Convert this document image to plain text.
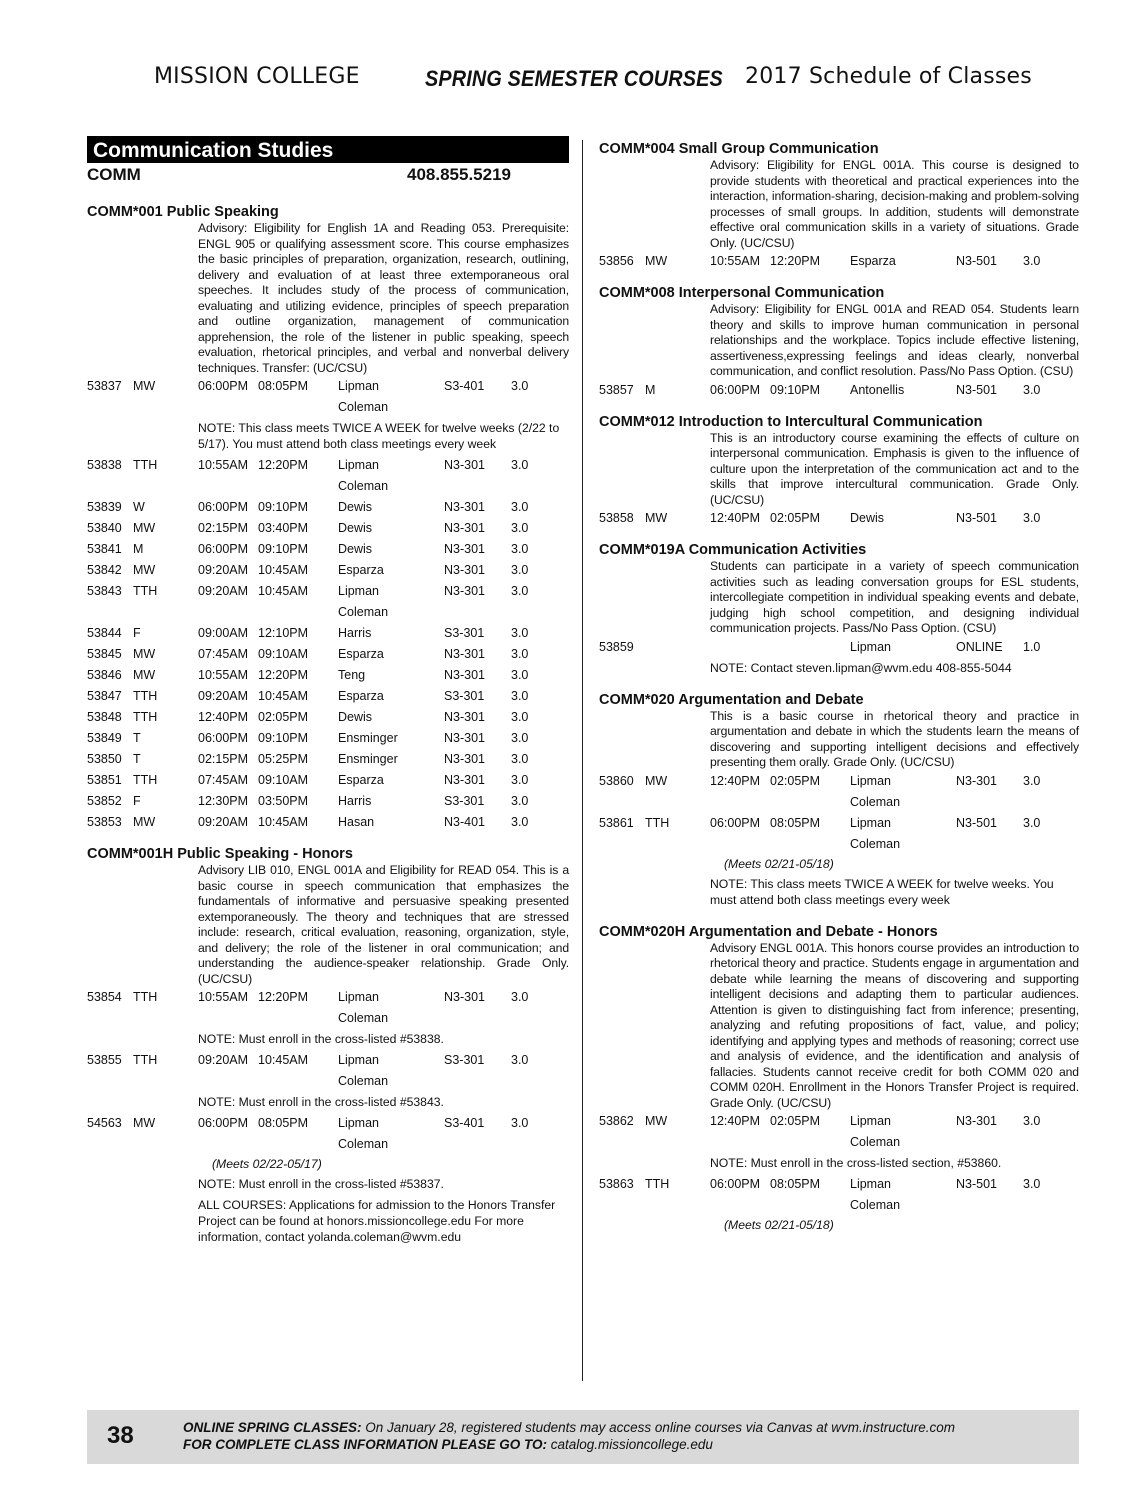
MISSION COLLEGE	SPRING SEMESTER COURSES 2017 Schedule of Classes
Communication Studies
COMM	408.855.5219
COMM*001 Public Speaking
Advisory: Eligibility for English 1A and Reading 053. Prerequisite: ENGL 905 or qualifying assessment score. This course emphasizes the basic principles of preparation, organization, research, outlining, delivery and evaluation of at least three extemporaneous oral speeches. It includes study of the process of communication, evaluating and utilizing evidence, principles of speech preparation and outline organization, management of communication apprehension, the role of the listener in public speaking, speech evaluation, rhetorical principles, and verbal and nonverbal delivery techniques. Transfer: (UC/CSU)
53837 MW	06:00PM 08:05PM Lipman	S3-401 3.0
Coleman
NOTE: This class meets TWICE A WEEK for twelve weeks (2/22 to 5/17). You must attend both class meetings every week
53838 TTH	10:55AM 12:20PM Lipman	N3-301 3.0
Coleman
53839 W	06:00PM 09:10PM Dewis	N3-301 3.0
53840 MW	02:15PM 03:40PM Dewis	N3-301 3.0
53841 M	06:00PM 09:10PM Dewis	N3-301 3.0
53842 MW	09:20AM 10:45AM Esparza	N3-301 3.0
53843 TTH	09:20AM 10:45AM Lipman	N3-301 3.0
Coleman
53844 F	09:00AM 12:10PM Harris	S3-301 3.0
53845 MW	07:45AM 09:10AM Esparza	N3-301 3.0
53846 MW	10:55AM 12:20PM Teng	N3-301 3.0
53847 TTH	09:20AM 10:45AM Esparza	S3-301 3.0
53848 TTH	12:40PM 02:05PM Dewis	N3-301 3.0
53849 T	06:00PM 09:10PM Ensminger	N3-301 3.0
53850 T	02:15PM 05:25PM Ensminger	N3-301 3.0
53851 TTH	07:45AM 09:10AM Esparza	N3-301 3.0
53852 F	12:30PM 03:50PM Harris	S3-301 3.0
53853 MW	09:20AM 10:45AM Hasan	N3-401 3.0
COMM*001H Public Speaking - Honors
Advisory LIB 010, ENGL 001A and Eligibility for READ 054. This is a basic course in speech communication that emphasizes the fundamentals of informative and persuasive speaking presented extemporaneously. The theory and techniques that are stressed include: research, critical evaluation, reasoning, organization, style, and delivery; the role of the listener in oral communication; and understanding the audience-speaker relationship. Grade Only. (UC/CSU)
53854 TTH	10:55AM 12:20PM Lipman	N3-301 3.0
Coleman
NOTE: Must enroll in the cross-listed #53838.
53855 TTH	09:20AM 10:45AM Lipman	S3-301 3.0
Coleman
NOTE: Must enroll in the cross-listed #53843.
54563 MW	06:00PM 08:05PM Lipman	S3-401 3.0
Coleman
(Meets 02/22-05/17)
NOTE: Must enroll in the cross-listed #53837.
ALL COURSES: Applications for admission to the Honors Transfer Project can be found at honors.missioncollege.edu For more information, contact yolanda.coleman@wvm.edu
COMM*004 Small Group Communication
Advisory: Eligibility for ENGL 001A. This course is designed to provide students with theoretical and practical experiences into the interaction, information-sharing, decision-making and problem-solving processes of small groups. In addition, students will demonstrate effective oral communication skills in a variety of situations. Grade Only. (UC/CSU)
53856 MW	10:55AM 12:20PM Esparza	N3-501 3.0
COMM*008 Interpersonal Communication
Advisory: Eligibility for ENGL 001A and READ 054. Students learn theory and skills to improve human communication in personal relationships and the workplace. Topics include effective listening, assertiveness,expressing feelings and ideas clearly, nonverbal communication, and conflict resolution. Pass/No Pass Option. (CSU)
53857 M	06:00PM 09:10PM Antonellis	N3-501 3.0
COMM*012 Introduction to Intercultural Communication
This is an introductory course examining the effects of culture on interpersonal communication. Emphasis is given to the influence of culture upon the interpretation of the communication act and to the skills that improve intercultural communication. Grade Only. (UC/CSU)
53858 MW	12:40PM 02:05PM Dewis	N3-501 3.0
COMM*019A Communication Activities
Students can participate in a variety of speech communication activities such as leading conversation groups for ESL students, intercollegiate competition in individual speaking events and debate, judging high school competition, and designing individual communication projects. Pass/No Pass Option. (CSU)
53859	Lipman	ONLINE 1.0
NOTE: Contact steven.lipman@wvm.edu 408-855-5044
COMM*020 Argumentation and Debate
This is a basic course in rhetorical theory and practice in argumentation and debate in which the students learn the means of discovering and supporting intelligent decisions and effectively presenting them orally. Grade Only. (UC/CSU)
53860 MW	12:40PM 02:05PM Lipman	N3-301 3.0
Coleman
53861 TTH	06:00PM 08:05PM Lipman	N3-501 3.0
Coleman
(Meets 02/21-05/18)
NOTE: This class meets TWICE A WEEK for twelve weeks. You must attend both class meetings every week
COMM*020H Argumentation and Debate - Honors
Advisory ENGL 001A. This honors course provides an introduction to rhetorical theory and practice. Students engage in argumentation and debate while learning the means of discovering and supporting intelligent decisions and adapting them to particular audiences. Attention is given to distinguishing fact from inference; presenting, analyzing and refuting propositions of fact, value, and policy; identifying and applying types and methods of reasoning; correct use and analysis of evidence, and the identification and analysis of fallacies. Students cannot receive credit for both COMM 020 and COMM 020H. Enrollment in the Honors Transfer Project is required. Grade Only. (UC/CSU)
53862 MW	12:40PM 02:05PM Lipman	N3-301 3.0
Coleman
NOTE: Must enroll in the cross-listed section, #53860.
53863 TTH	06:00PM 08:05PM Lipman	N3-501 3.0
Coleman
(Meets 02/21-05/18)
38	ONLINE SPRING CLASSES: On January 28, registered students may access online courses via Canvas at wvm.instructure.com
FOR COMPLETE CLASS INFORMATION PLEASE GO TO: catalog.missioncollege.edu
